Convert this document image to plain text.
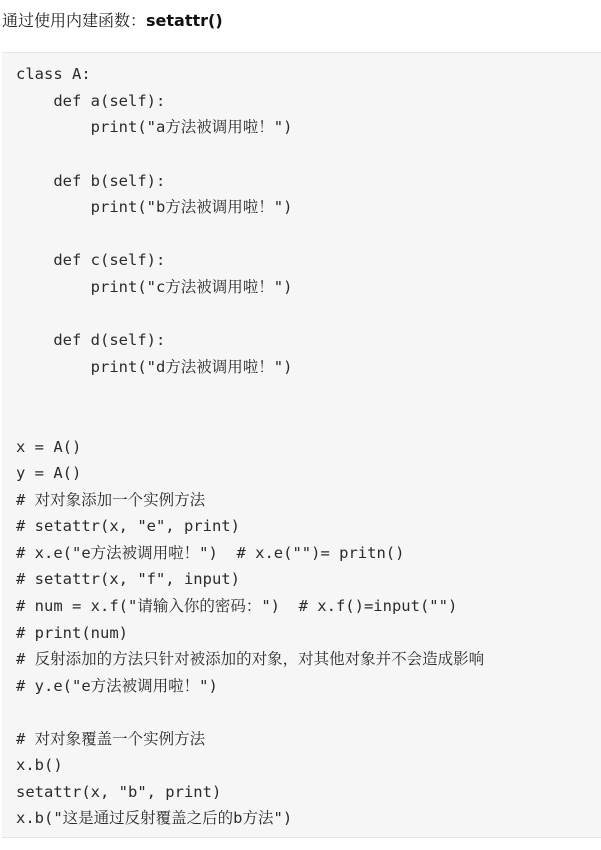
通过使用内建函数：setattr()
class A:
def a(self):
print("a方法被调用啦！")
def b(self):
print("b方法被调用啦！")
def c(self):
print("c方法被调用啦！")
def d(self):
print("d方法被调用啦！")
x = A()
y = A()
# 对对象添加一个实例方法
# setattr(x, "e", print)
# x.e("e方法被调用啦！")  # x.e("")= pritn()
# setattr(x, "f", input)
# num = x.f("请输入你的密码：")  # x.f()=input("")
# print(num)
# 反射添加的方法只针对被添加的对象，对其他对象并不会造成影响
# y.e("e方法被调用啦！")
# 对对象覆盖一个实例方法
x.b()
setattr(x, "b", print)
x.b("这是通过反射覆盖之后的b方法")
